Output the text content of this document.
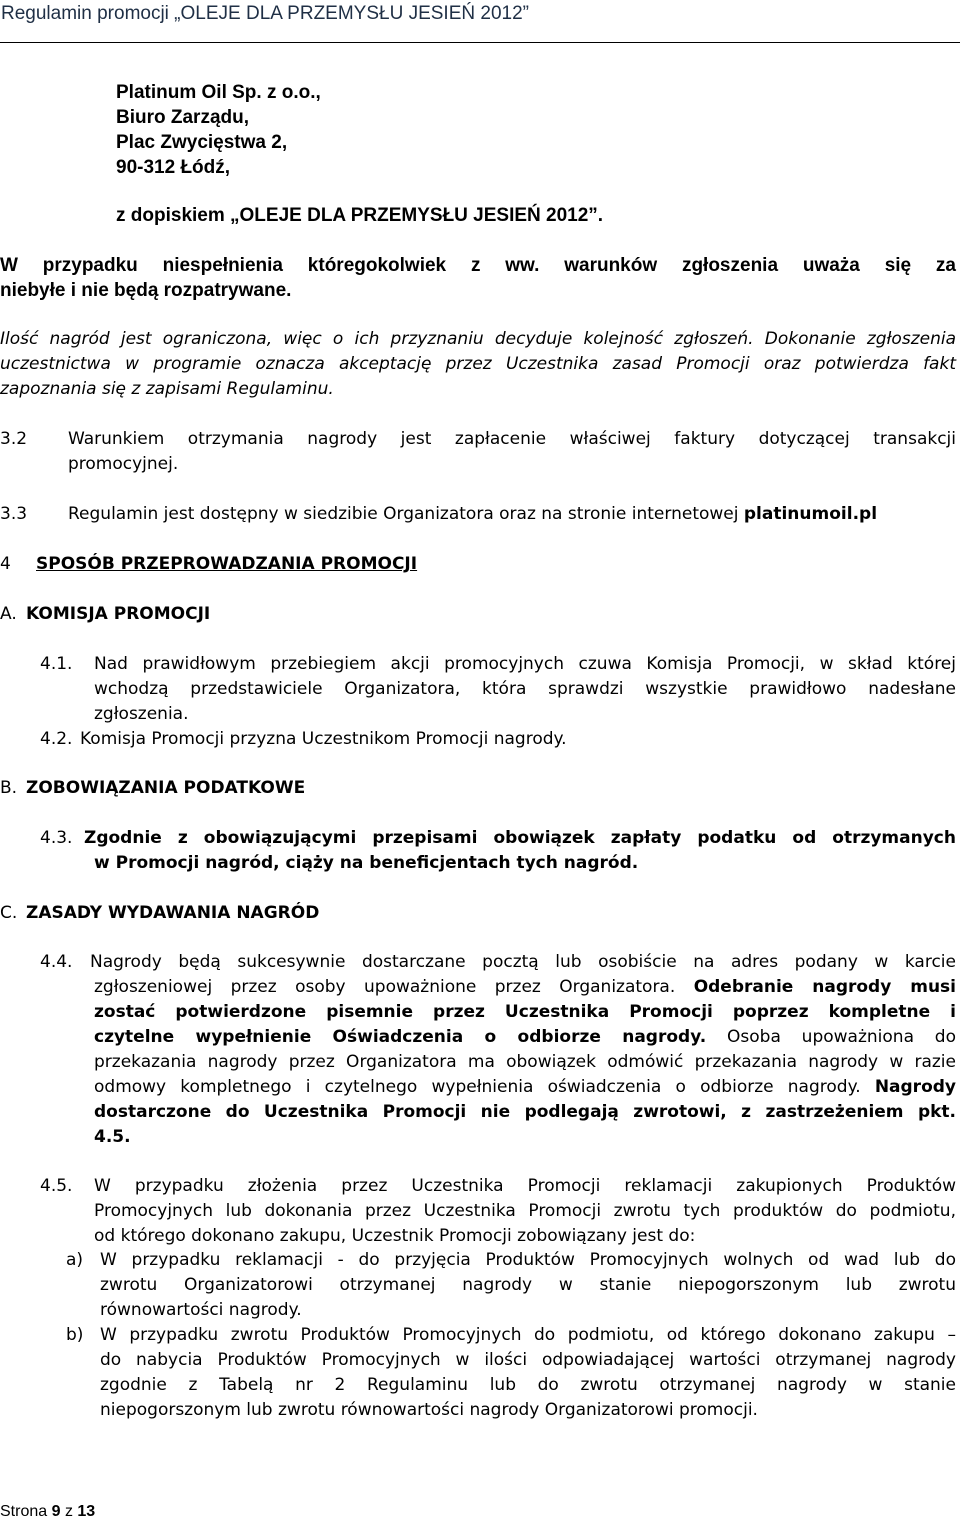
Regulamin promocji „OLEJE DLA PRZEMYSŁU JESIEŃ 2012”
Platinum Oil Sp. z o.o.,
Biuro Zarządu,
Plac Zwycięstwa 2,
90-312 Łódź,
z dopiskiem „OLEJE DLA PRZEMYSŁU JESIEŃ 2012”.
W przypadku niespełnienia któregokolwiek z ww. warunków zgłoszenia uważa się za
niebyłe i nie będą rozpatrywane.
Ilość nagród jest ograniczona, więc o ich przyznaniu decyduje kolejność zgłoszeń. Dokonanie zgłoszenia
uczestnictwa w programie oznacza akceptację przez Uczestnika zasad Promocji oraz potwierdza fakt
zapoznania się z zapisami Regulaminu.
3.2 Warunkiem otrzymania nagrody jest zapłacenie właściwej faktury dotyczącej transakcji
promocyjnej.
3.3 Regulamin jest dostępny w siedzibie Organizatora oraz na stronie internetowej platinumoil.pl
4 SPOSÓB PRZEPROWADZANIA PROMOCJI
A. KOMISJA PROMOCJI
4.1. Nad prawidłowym przebiegiem akcji promocyjnych czuwa Komisja Promocji, w skład której
wchodzą przedstawiciele Organizatora, która sprawdzi wszystkie prawidłowo nadesłane
zgłoszenia.
4.2. Komisja Promocji przyzna Uczestnikom Promocji nagrody.
B. ZOBOWIĄZANIA PODATKOWE
4.3. Zgodnie z obowiązującymi przepisami obowiązek zapłaty podatku od otrzymanych
w Promocji nagród, ciąży na beneficjentach tych nagród.
C. ZASADY WYDAWANIA NAGRÓD
4.4. Nagrody będą sukcesywnie dostarczane pocztą lub osobiście na adres podany w karcie
zgłoszeniowej przez osoby upoważnione przez Organizatora. Odebranie nagrody musi
zostać potwierdzone pisemnie przez Uczestnika Promocji poprzez kompletne i
czytelne wypełnienie Oświadczenia o odbiorze nagrody. Osoba upoważniona do
przekazania nagrody przez Organizatora ma obowiązek odmówić przekazania nagrody w razie
odmowy kompletnego i czytelnego wypełnienia oświadczenia o odbiorze nagrody. Nagrody
dostarczone do Uczestnika Promocji nie podlegają zwrotowi, z zastrzeżeniem pkt.
4.5.
4.5. W przypadku złożenia przez Uczestnika Promocji reklamacji zakupionych Produktów
Promocyjnych lub dokonania przez Uczestnika Promocji zwrotu tych produktów do podmiotu,
od którego dokonano zakupu, Uczestnik Promocji zobowiązany jest do:
a) W przypadku reklamacji - do przyjęcia Produktów Promocyjnych wolnych od wad lub do
zwrotu Organizatorowi otrzymanej nagrody w stanie niepogorszonym lub zwrotu
równowartości nagrody.
b) W przypadku zwrotu Produktów Promocyjnych do podmiotu, od którego dokonano zakupu –
do nabycia Produktów Promocyjnych w ilości odpowiadającej wartości otrzymanej nagrody
zgodnie z Tabelą nr 2 Regulaminu lub do zwrotu otrzymanej nagrody w stanie
niepogorszonym lub zwrotu równowartości nagrody Organizatorowi promocji.
Strona 9 z 13
